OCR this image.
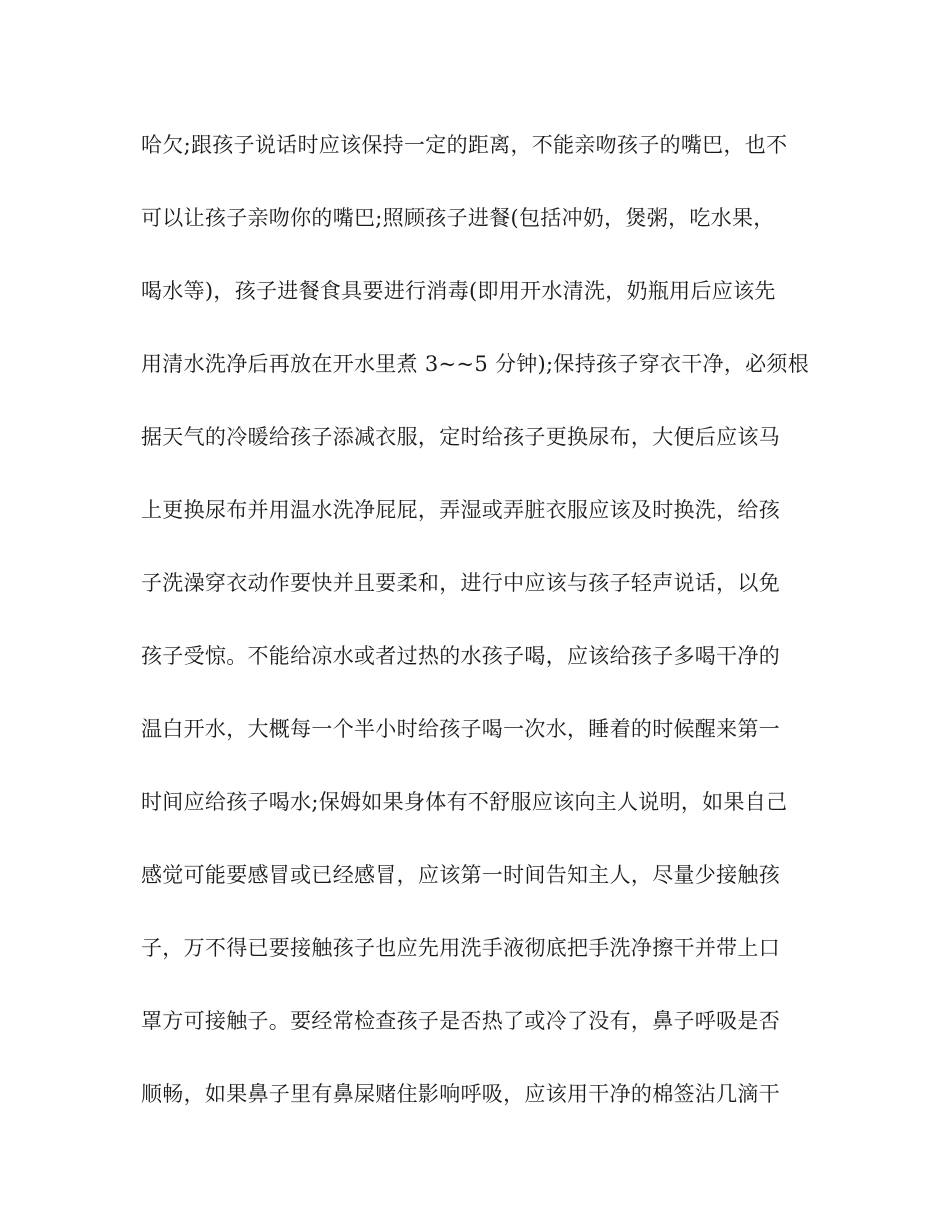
哈欠;跟孩子说话时应该保持一定的距离，不能亲吻孩子的嘴巴，也不
可以让孩子亲吻你的嘴巴;照顾孩子进餐(包括冲奶，煲粥，吃水果，
喝水等)，孩子进餐食具要进行消毒(即用开水清洗，奶瓶用后应该先
用清水洗净后再放在开水里煮 3~~5 分钟);保持孩子穿衣干净，必须根
据天气的冷暖给孩子添减衣服，定时给孩子更换尿布，大便后应该马
上更换尿布并用温水洗净屁屁，弄湿或弄脏衣服应该及时换洗，给孩
子洗澡穿衣动作要快并且要柔和，进行中应该与孩子轻声说话，以免
孩子受惊。不能给凉水或者过热的水孩子喝，应该给孩子多喝干净的
温白开水，大概每一个半小时给孩子喝一次水，睡着的时候醒来第一
时间应给孩子喝水;保姆如果身体有不舒服应该向主人说明，如果自己
感觉可能要感冒或已经感冒，应该第一时间告知主人，尽量少接触孩
子，万不得已要接触孩子也应先用洗手液彻底把手洗净擦干并带上口
罩方可接触子。要经常检查孩子是否热了或冷了没有，鼻子呼吸是否
顺畅，如果鼻子里有鼻屎赌住影响呼吸，应该用干净的棉签沾几滴干
